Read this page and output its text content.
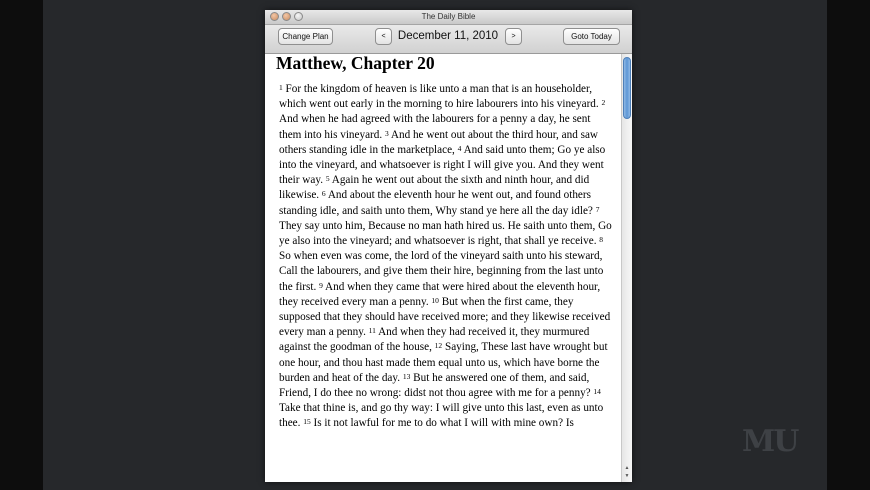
MU
The Daily Bible
Change Plan	<	December 11, 2010	>	Goto Today
Matthew, Chapter 20

$^1$ For the kingdom of heaven is like unto a man that is an householder, which went out early in the morning to hire labourers into his vineyard. $^2$ And when he had agreed with the labourers for a penny a day, he sent them into his vineyard. $^3$ And he went out about the third hour, and saw others standing idle in the marketplace, $^4$ And said unto them; Go ye also into the vineyard, and whatsoever is right I will give you. And they went their way. $^5$ Again he went out about the sixth and ninth hour, and did likewise. $^6$ And about the eleventh hour he went out, and found others standing idle, and saith unto them, Why stand ye here all the day idle? $^7$ They say unto him, Because no man hath hired us. He saith unto them, Go ye also into the vineyard; and whatsoever is right, that shall ye receive. $^8$ So when even was come, the lord of the vineyard saith unto his steward, Call the labourers, and give them their hire, beginning from the last unto the first. $^9$ And when they came that were hired about the eleventh hour, they received every man a penny. $^{10}$ But when the first came, they supposed that they should have received more; and they likewise received every man a penny. $^{11}$ And when they had received it, they murmured against the goodman of the house, $^{12}$ Saying, These last have wrought but one hour, and thou hast made them equal unto us, which have borne the burden and heat of the day. $^{13}$ But he answered one of them, and said, Friend, I do thee no wrong: didst not thou agree with me for a penny? $^{14}$ Take that thine is, and go thy way: I will give unto this last, even as unto thee. $^{15}$ Is it not lawful for me to do what I will with mine own? Is

▲
▼
